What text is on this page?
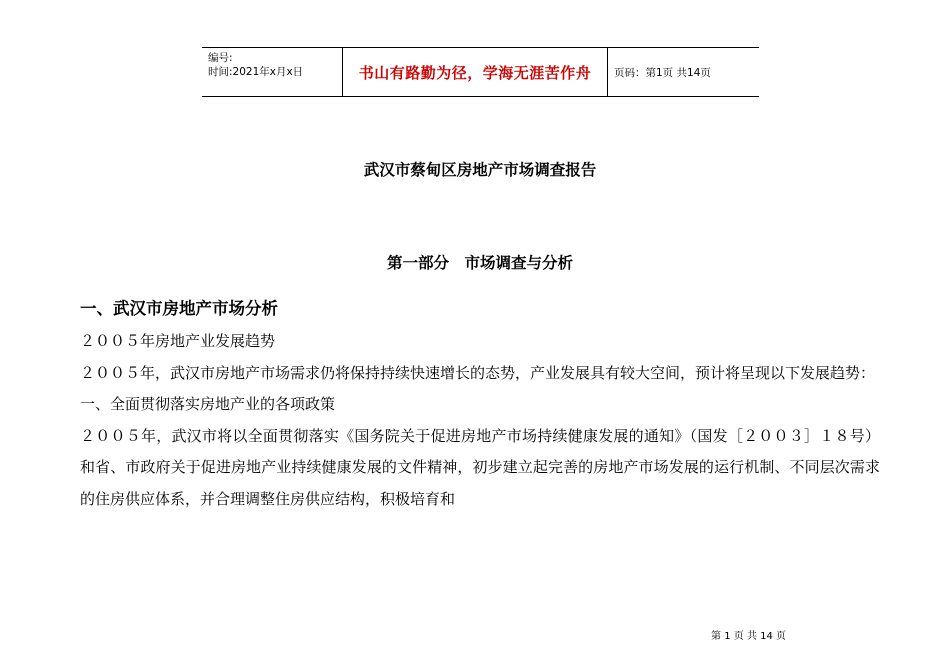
编号:
时间:2021年x月x日	书山有路勤为径，学海无涯苦作舟 页码：第1页 共14页
武汉市蔡甸区房地产市场调查报告
第一部分　市场调查与分析
一、武汉市房地产市场分析

２００５年房地产业发展趋势

２００５年，武汉市房地产市场需求仍将保持持续快速增长的态势，产业发展具有较大空间，预计将呈现以下发展趋势：

一、全面贯彻落实房地产业的各项政策

２００５年，武汉市将以全面贯彻落实《国务院关于促进房地产市场持续健康发展的通知》（国发［２００３］１８号）和省、市政府关于促进房地产业持续健康发展的文件精神，初步建立起完善的房地产市场发展的运行机制、不同层次需求的住房供应体系，并合理调整住房供应结构，积极培育和

第 1 页 共 14 页
